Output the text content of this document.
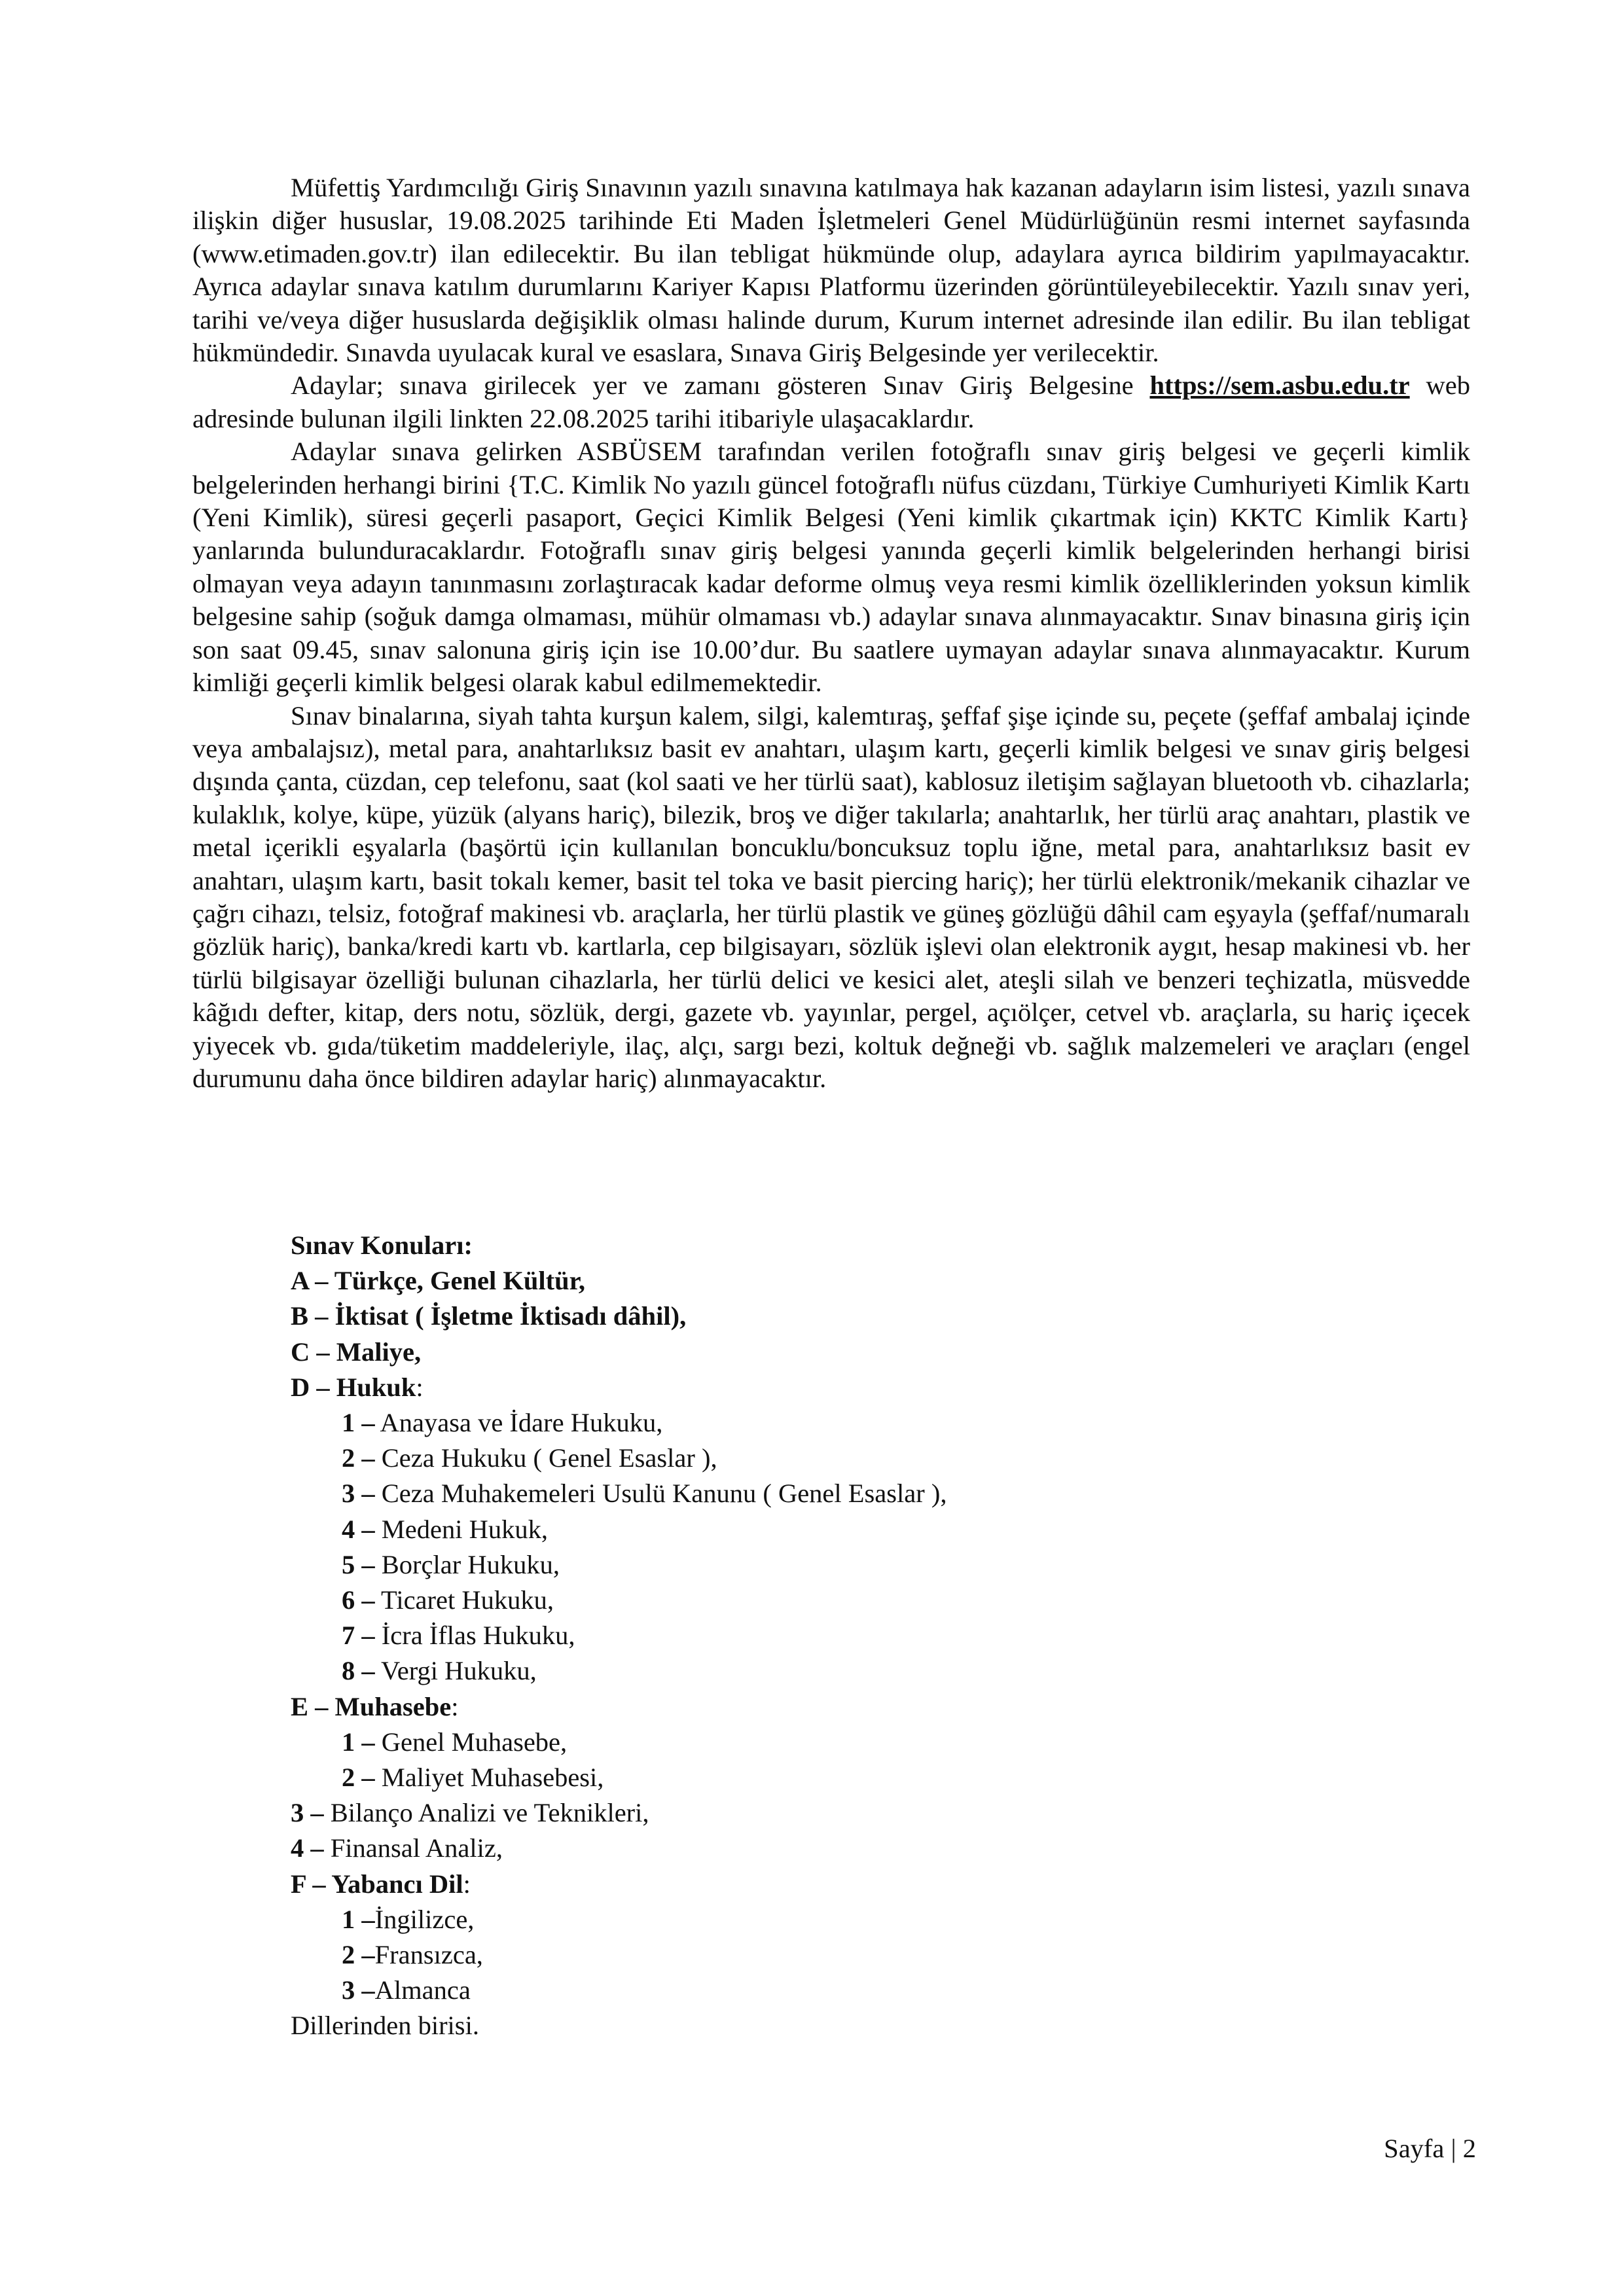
Müfettiş Yardımcılığı Giriş Sınavının yazılı sınavına katılmaya hak kazanan adayların isim listesi, yazılı sınava ilişkin diğer hususlar, 19.08.2025 tarihinde Eti Maden İşletmeleri Genel Müdürlüğünün resmi internet sayfasında (www.etimaden.gov.tr) ilan edilecektir. Bu ilan tebligat hükmünde olup, adaylara ayrıca bildirim yapılmayacaktır. Ayrıca adaylar sınava katılım durumlarını Kariyer Kapısı Platformu üzerinden görüntüleyebilecektir. Yazılı sınav yeri, tarihi ve/veya diğer hususlarda değişiklik olması halinde durum, Kurum internet adresinde ilan edilir. Bu ilan tebligat hükmündedir. Sınavda uyulacak kural ve esaslara, Sınava Giriş Belgesinde yer verilecektir.

Adaylar; sınava girilecek yer ve zamanı gösteren Sınav Giriş Belgesine https://sem.asbu.edu.tr web adresinde bulunan ilgili linkten 22.08.2025 tarihi itibariyle ulaşacaklardır.

Adaylar sınava gelirken ASBÜSEM tarafından verilen fotoğraflı sınav giriş belgesi ve geçerli kimlik belgelerinden herhangi birini {T.C. Kimlik No yazılı güncel fotoğraflı nüfus cüzdanı, Türkiye Cumhuriyeti Kimlik Kartı (Yeni Kimlik), süresi geçerli pasaport, Geçici Kimlik Belgesi (Yeni kimlik çıkartmak için) KKTC Kimlik Kartı} yanlarında bulunduracaklardır. Fotoğraflı sınav giriş belgesi yanında geçerli kimlik belgelerinden herhangi birisi olmayan veya adayın tanınmasını zorlaştıracak kadar deforme olmuş veya resmi kimlik özelliklerinden yoksun kimlik belgesine sahip (soğuk damga olmaması, mühür olmaması vb.) adaylar sınava alınmayacaktır. Sınav binasına giriş için son saat 09.45, sınav salonuna giriş için ise 10.00’dur. Bu saatlere uymayan adaylar sınava alınmayacaktır. Kurum kimliği geçerli kimlik belgesi olarak kabul edilmemektedir.

Sınav binalarına, siyah tahta kurşun kalem, silgi, kalemtıraş, şeffaf şişe içinde su, peçete (şeffaf ambalaj içinde veya ambalajsız), metal para, anahtarlıksız basit ev anahtarı, ulaşım kartı, geçerli kimlik belgesi ve sınav giriş belgesi dışında çanta, cüzdan, cep telefonu, saat (kol saati ve her türlü saat), kablosuz iletişim sağlayan bluetooth vb. cihazlarla; kulaklık, kolye, küpe, yüzük (alyans hariç), bilezik, broş ve diğer takılarla; anahtarlık, her türlü araç anahtarı, plastik ve metal içerikli eşyalarla (başörtü için kullanılan boncuklu/boncuksuz toplu iğne, metal para, anahtarlıksız basit ev anahtarı, ulaşım kartı, basit tokalı kemer, basit tel toka ve basit piercing hariç); her türlü elektronik/mekanik cihazlar ve çağrı cihazı, telsiz, fotoğraf makinesi vb. araçlarla, her türlü plastik ve güneş gözlüğü dâhil cam eşyayla (şeffaf/numaralı gözlük hariç), banka/kredi kartı vb. kartlarla, cep bilgisayarı, sözlük işlevi olan elektronik aygıt, hesap makinesi vb. her türlü bilgisayar özelliği bulunan cihazlarla, her türlü delici ve kesici alet, ateşli silah ve benzeri teçhizatla, müsvedde kâğıdı defter, kitap, ders notu, sözlük, dergi, gazete vb. yayınlar, pergel, açıölçer, cetvel vb. araçlarla, su hariç içecek yiyecek vb. gıda/tüketim maddeleriyle, ilaç, alçı, sargı bezi, koltuk değneği vb. sağlık malzemeleri ve araçları (engel durumunu daha önce bildiren adaylar hariç) alınmayacaktır.

Sınav Konuları:
A – Türkçe, Genel Kültür,
B – İktisat ( İşletme İktisadı dâhil),
C – Maliye,
D – Hukuk:
1 – Anayasa ve İdare Hukuku,
2 – Ceza Hukuku ( Genel Esaslar ),
3 – Ceza Muhakemeleri Usulü Kanunu ( Genel Esaslar ),
4 – Medeni Hukuk,
5 – Borçlar Hukuku,
6 – Ticaret Hukuku,
7 – İcra İflas Hukuku,
8 – Vergi Hukuku,
E – Muhasebe:
1 – Genel Muhasebe,
2 – Maliyet Muhasebesi,
3 – Bilanço Analizi ve Teknikleri,
4 – Finansal Analiz,
F – Yabancı Dil:
1 –İngilizce,
2 –Fransızca,
3 –Almanca
Dillerinden birisi.
Sayfa | 2
